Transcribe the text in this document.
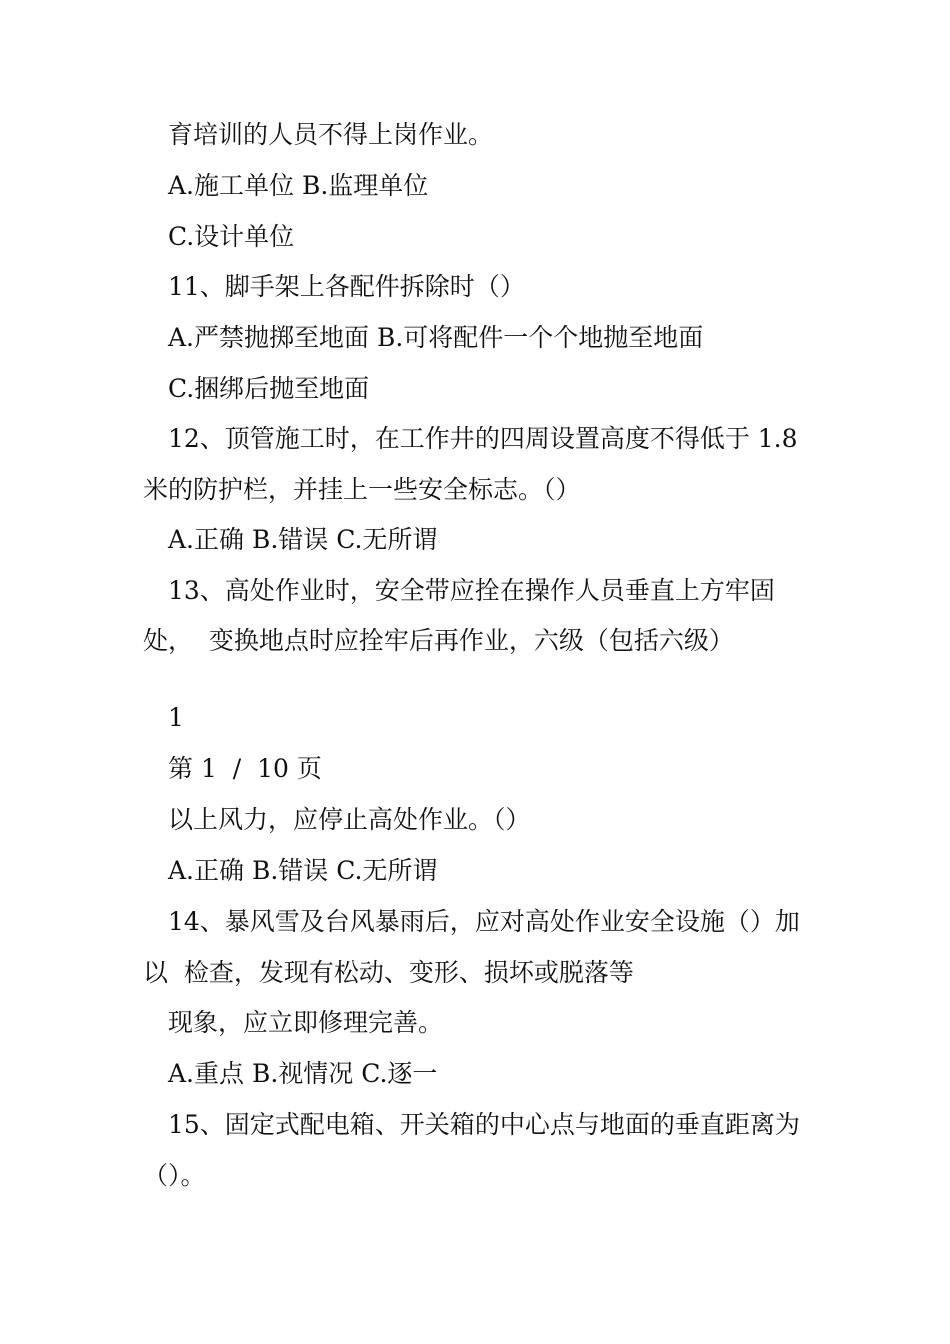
育培训的人员不得上岗作业。
A.施工单位 B.监理单位
C.设计单位
11、脚手架上各配件拆除时（）
A.严禁抛掷至地面 B.可将配件一个个地抛至地面
C.捆绑后抛至地面
12、顶管施工时，在工作井的四周设置高度不得低于 1.8
米的防护栏，并挂上一些安全标志。（）
A.正确 B.错误 C.无所谓
13、高处作业时，安全带应拴在操作人员垂直上方牢固
处，  变换地点时应拴牢后再作业，六级（包括六级）
1
第 1  /  10 页
以上风力，应停止高处作业。（）
A.正确 B.错误 C.无所谓
14、暴风雪及台风暴雨后，应对高处作业安全设施（）加
以  检查，发现有松动、变形、损坏或脱落等
现象，应立即修理完善。
A.重点 B.视情况 C.逐一
15、固定式配电箱、开关箱的中心点与地面的垂直距离为
（）。
